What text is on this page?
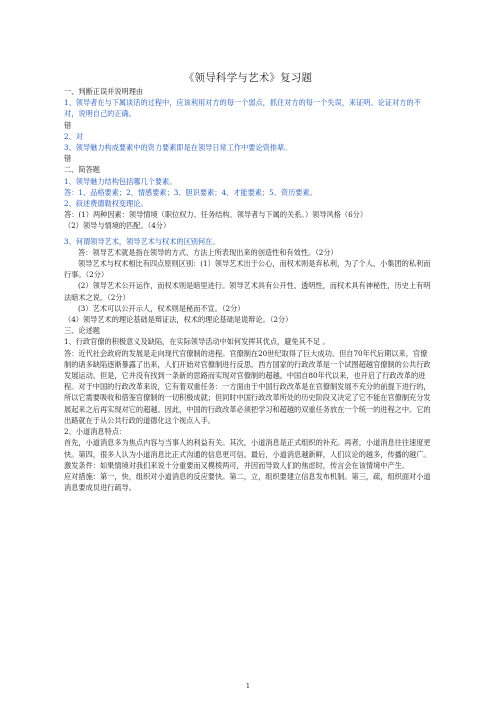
《领导科学与艺术》复习题

一、判断正误并说明理由

1、领导者在与下属谈话的过程中，应该利用对方的每一个弱点，抓住对方的每一个失误，来证明、论证对方的不对，说明自己的正确。

错

2、对

3、领导魅力构成要素中的资力要素即是在领导日常工作中要论资排辈。

错

二、简答题

1、领导魅力结构包括哪几个要素。

答：1、品格要素；2、情感要素；3、胆识要素；4、才能要素；5、资历要素。

2、叙述费德勒权变理论。

答：(1）两种因素：领导情境（职位权力、任务结构、领导者与下属的关系。）领导风格（6分）

（2）领导与情境的匹配。（4分）

3、何谓领导艺术，领导艺术与权术的区别何在。

答：领导艺术就是指在领导的方式、方法上所表现出来的创造性和有效性。（2分）

领导艺术与权术相比有四点原则区别：(1）领导艺术出于公心，而权术则是弃私利，为了个人、小集团的私利而行事。（2分）

(2）领导艺术公开运作，而权术则是暗里进行。领导艺术具有公开性、透明性，而权术具有神秘性，历史上有明法暗术之说。（2分）

(3）艺术可以公开示人，权术则是秘而不宣。（2分）

（4）领导艺术的理论基础是辩证法，权术的理论基础是诡辩论。（2分）

三、论述题

1、行政官僚的积极意义及缺陷，在实际领导活动中如何发挥其优点，避免其不足 。

答：近代社会政府的发展是走向现代官僚制的进程。官僚制在20世纪取得了巨大成功。但自70年代后期以来，官僚制的诸多缺陷逐渐暴露了出来，人们开始对官僚制进行反思。西方国家的行政改革是一个试图超越官僚制的公共行政发展运动。但是，它并没有找到一条新的思路而实现对官僚制的超越。中国自80年代以来，也开启了行政改革的进程。对于中国的行政改革来说，它有着双重任务：一方面由于中国行政改革是在官僚制发展不充分的前提下进行的，所以它需要吸收和借鉴官僚制的一切积极成就；但同时中国行政改革所处的历史阶段又决定了它不能在官僚制充分发展起来之后再实现对它的超越。因此，中国的行政改革必须把学习和超越的双重任务放在一个统一的进程之中。它的出路就在于从公共行政的道德化这个视点入手。

2、小道消息特点：

首先，小道消息多为焦点内容与当事人的利益有关。其次，小道消息是正式组织的补充。再者，小道消息往往速度更快。第四，很多人认为小道消息比正式沟通的信息更可信。最后，小道消息越新鲜，人们议论的越多，传播的越广。

激发条件：如果情境对我们来说十分重要而又模棱两可，并因而导致人们的焦虑时，传言会在该情境中产生。

应对措施：第一，快，组织对小道消息的反应要快。第二，立，组织要建立信息发布机制。第三，疏，组织面对小道消息要成员进行疏导。

1
